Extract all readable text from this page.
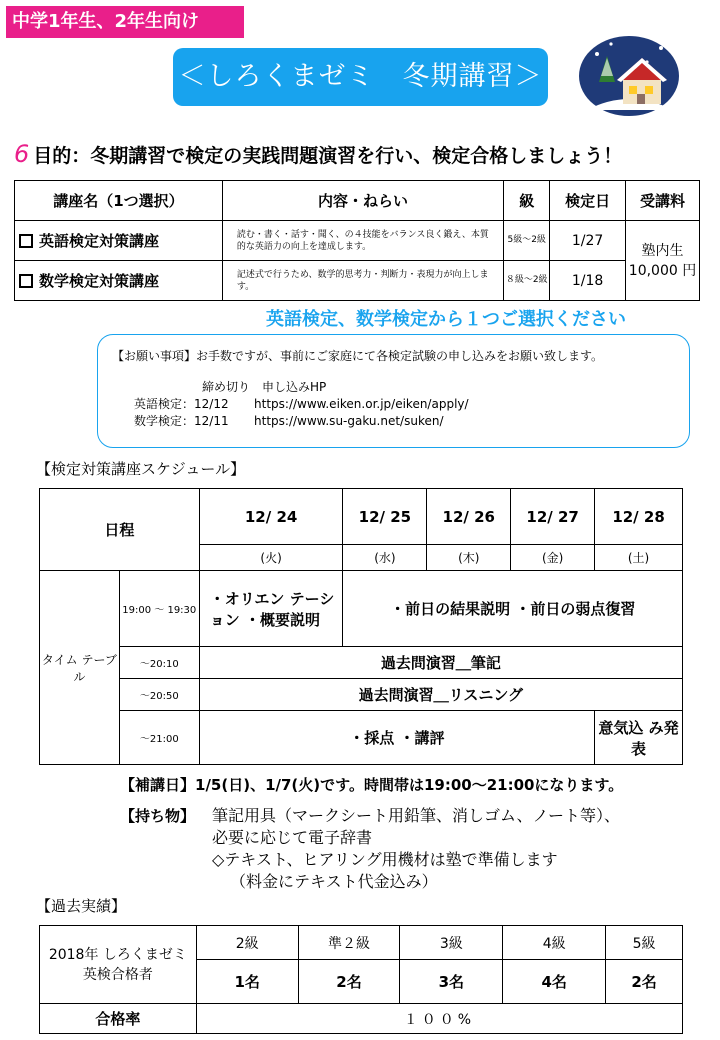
中学1年生、2年生向け
＜しろくまゼミ　冬期講習＞
6 目的：冬期講習で検定の実践問題演習を行い、検定合格しましょう！
講座名（1つ選択）	内容・ねらい	級	検定日	受講料
英語検定対策講座	読む・書く・話す・聞く、の４技能をバランス良く鍛え、本質的な英語力の向上を達成します。	5級～2級	1/27	塾内生 10,000 円
数学検定対策講座	記述式で行うため、数学的思考力・判断力・表現力が向上します。	８級～2級	1/18	
英語検定、数学検定から１つご選択ください
【お願い事項】お手数ですが、事前にご家庭にて各検定試験の申し込みをお願い致します。
締め切り　 申し込みHP
英語検定：12/12 https://www.eiken.or.jp/eiken/apply/
数学検定：12/11 https://www.su-gaku.net/suken/
【検定対策講座スケジュール】
日程		12/ 24	12/ 25	12/ 26	12/ 27	12/ 28
		(火)	(水)	(木)	(金)	(土)
タイム テーブル	19:00 ～ 19:30	・オリエン テーション ・概要説明	・前日の結果説明 ・前日の弱点復習			
	～20:10	過去問演習＿筆記				
	～20:50	過去問演習＿リスニング				
	～21:00	・採点 ・講評				意気込 み発表
【補講日】1/5(日)、1/7(火)です。時間帯は19:00～21:00になります。
【持ち物】 筆記用具（マークシート用鉛筆、消しゴム、ノート等）、
必要に応じて電子辞書
◇テキスト、ヒアリング用機材は塾で準備します
（料金にテキスト代金込み）
【過去実績】
2018年 しろくまゼミ 英検合格者	2級	準２級	3級	4級	5級
	1名	2名	3名	4名	2名
合格率	１００%				
